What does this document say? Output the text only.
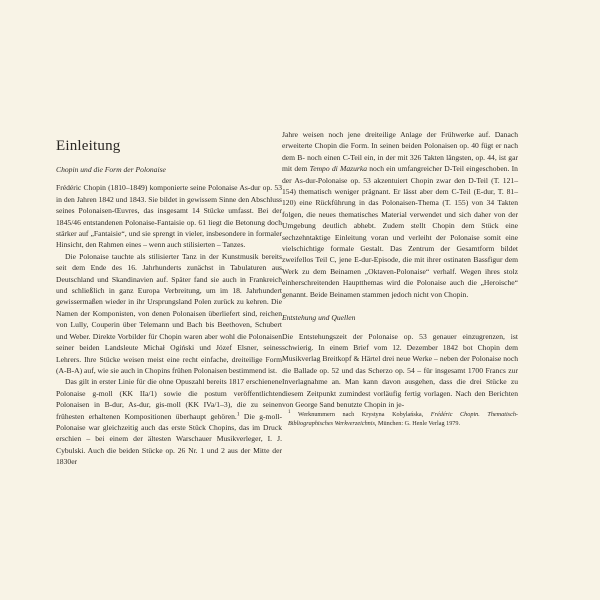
Einleitung
Chopin und die Form der Polonaise

Frédéric Chopin (1810–1849) komponierte seine Polonaise As-dur op. 53 in den Jahren 1842 und 1843. Sie bildet in gewissem Sinne den Abschluss seines Polonaisen-Œuvres, das insgesamt 14 Stücke umfasst. Bei der 1845/46 entstandenen Polonaise-Fantaisie op. 61 liegt die Betonung doch stärker auf „Fantaisie“, und sie sprengt in vieler, insbesondere in formaler Hinsicht, den Rahmen eines – wenn auch stilisierten – Tanzes.

Die Polonaise tauchte als stilisierter Tanz in der Kunstmusik bereits seit dem Ende des 16. Jahrhunderts zunächst in Tabulaturen aus Deutschland und Skandinavien auf. Später fand sie auch in Frankreich und schließlich in ganz Europa Verbreitung, um im 18. Jahrhundert gewissermaßen wieder in ihr Ursprungsland Polen zurück zu kehren. Die Namen der Komponisten, von denen Polonaisen überliefert sind, reichen von Lully, Couperin über Telemann und Bach bis Beethoven, Schubert und Weber. Direkte Vorbilder für Chopin waren aber wohl die Polonaisen seiner beiden Landsleute Michał Ogiński und Józef Elsner, seines Lehrers. Ihre Stücke weisen meist eine recht einfache, dreiteilige Form (A-B-A) auf, wie sie auch in Chopins frühen Polonaisen bestimmend ist.

Das gilt in erster Linie für die ohne Opuszahl bereits 1817 erschienene Polonaise g-moll (KK IIa/1) sowie die postum veröffentlichten Polonaisen in B-dur, As-dur, gis-moll (KK IVa/1–3), die zu seinen frühesten erhaltenen Kompositionen überhaupt gehören.$^1$ Die g-moll-Polonaise war gleichzeitig auch das erste Stück Chopins, das im Druck erschien – bei einem der ältesten Warschauer Musikverleger, I. J. Cybulski. Auch die beiden Stücke op. 26 Nr. 1 und 2 aus der Mitte der 1830er

Jahre weisen noch jene dreiteilige Anlage der Frühwerke auf. Danach erweiterte Chopin die Form. In seinen beiden Polonaisen op. 40 fügt er nach dem B- noch einen C-Teil ein, in der mit 326 Takten längsten, op. 44, ist gar mit dem Tempo di Mazurka noch ein umfangreicher D-Teil eingeschoben. In der As-dur-Polonaise op. 53 akzentuiert Chopin zwar den D-Teil (T. 121–154) thematisch weniger prägnant. Er lässt aber dem C-Teil (E-dur, T. 81–120) eine Rückführung in das Polonaisen-Thema (T. 155) von 34 Takten folgen, die neues thematisches Material verwendet und sich daher von der Umgebung deutlich abhebt. Zudem stellt Chopin dem Stück eine sechzehntaktige Einleitung voran und verleiht der Polonaise somit eine vielschichtige formale Gestalt. Das Zentrum der Gesamtform bildet zweifellos Teil C, jene E-dur-Episode, die mit ihrer ostinaten Bassfigur dem Werk zu dem Beinamen „Oktaven-Polonaise“ verhalf. Wegen ihres stolz einherschreitenden Hauptthemas wird die Polonaise auch die „Heroische“ genannt. Beide Beinamen stammen jedoch nicht von Chopin.

Entstehung und Quellen

Die Entstehungszeit der Polonaise op. 53 genauer einzugrenzen, ist schwierig. In einem Brief vom 12. Dezember 1842 bot Chopin dem Musikverlag Breitkopf & Härtel drei neue Werke – neben der Polonaise noch die Ballade op. 52 und das Scherzo op. 54 – für insgesamt 1700 Francs zur Inverlagnahme an. Man kann davon ausgehen, dass die drei Stücke zu diesem Zeitpunkt zumindest vorläufig fertig vorlagen. Nach den Berichten von George Sand benutzte Chopin in je-

$^1$ Werknummern nach Krystyna Kobylańska, Frédéric Chopin. Thematisch-Bibliographisches Werkverzeichnis, München: G. Henle Verlag 1979.
